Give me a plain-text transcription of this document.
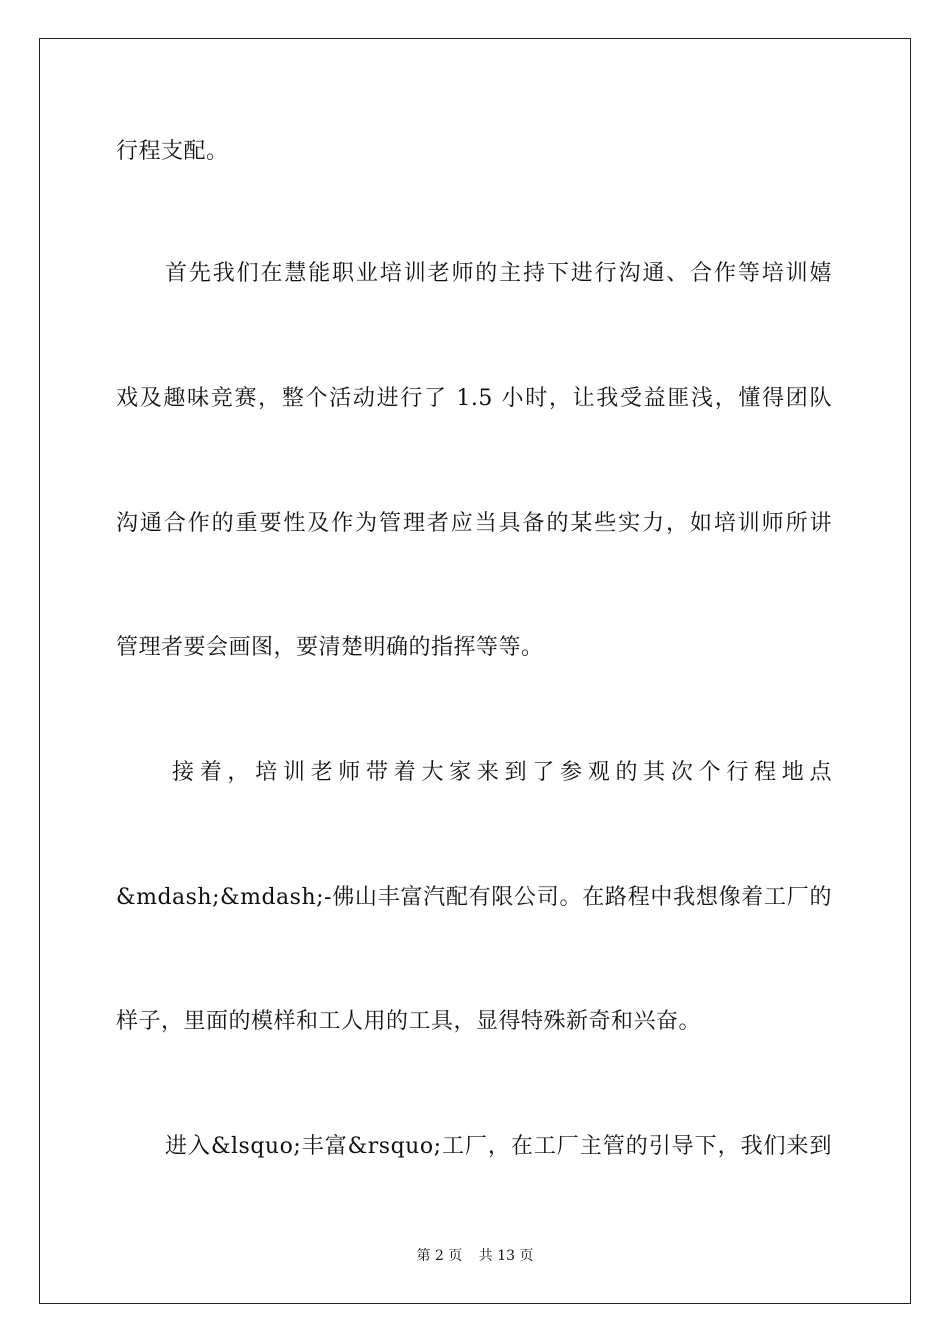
行程支配。
首先我们在慧能职业培训老师的主持下进行沟通、合作等培训嬉
戏及趣味竞赛，整个活动进行了 1.5 小时，让我受益匪浅，懂得团队
沟通合作的重要性及作为管理者应当具备的某些实力，如培训师所讲
管理者要会画图，要清楚明确的指挥等等。
接着，培训老师带着大家来到了参观的其次个行程地点
&mdash;&mdash;-佛山丰富汽配有限公司。在路程中我想像着工厂的
样子，里面的模样和工人用的工具，显得特殊新奇和兴奋。
进入&lsquo;丰富&rsquo;工厂，在工厂主管的引导下，我们来到
第 2 页 共 13 页
